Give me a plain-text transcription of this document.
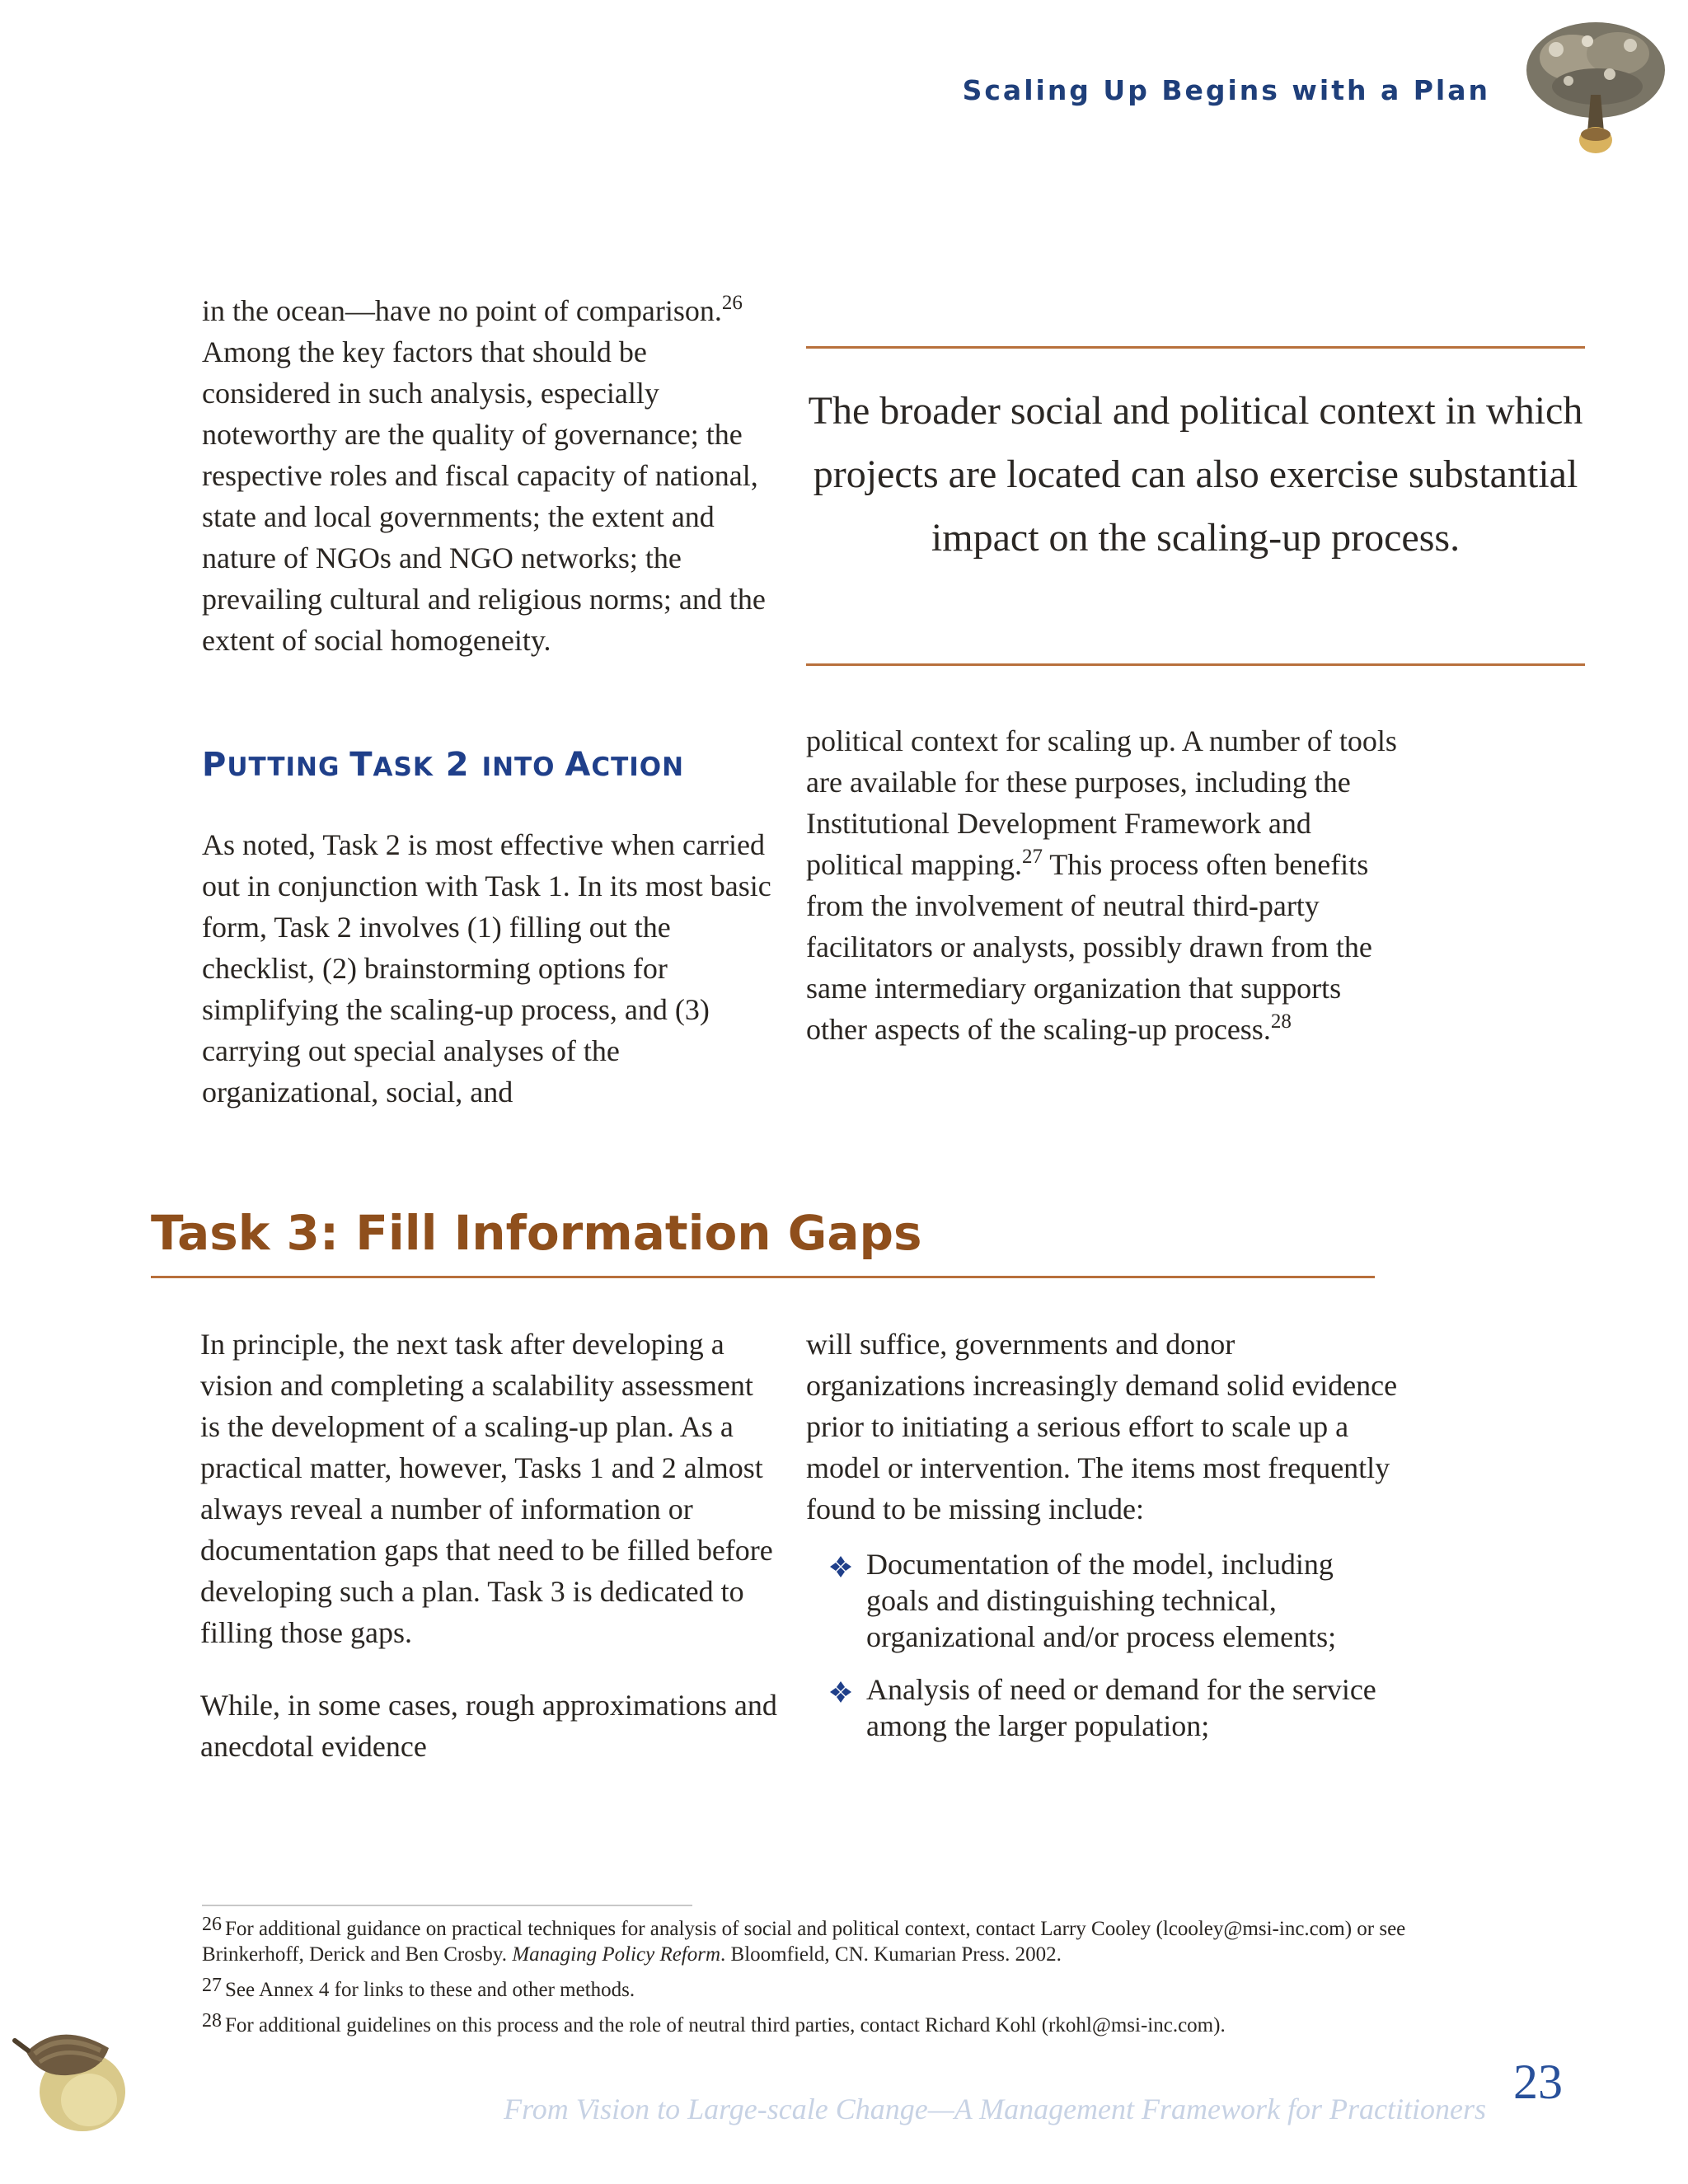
Scaling Up Begins with a Plan

in the ocean—have no point of comparison.$^{26}$ Among the key factors that should be considered in such analysis, especially noteworthy are the quality of governance; the respective roles and fiscal capacity of national, state and local governments; the extent and nature of NGOs and NGO networks; the prevailing cultural and religious norms; and the extent of social homogeneity.

PUTTING TASK 2 INTO ACTION

As noted, Task 2 is most effective when carried out in conjunction with Task 1. In its most basic form, Task 2 involves (1) filling out the checklist, (2) brainstorming options for simplifying the scaling-up process, and (3) carrying out special analyses of the organizational, social, and

The broader social and political context in which projects are located can also exercise substantial impact on the scaling-up process.

political context for scaling up. A number of tools are available for these purposes, including the Institutional Development Framework and political mapping.$^{27}$ This process often benefits from the involvement of neutral third-party facilitators or analysts, possibly drawn from the same intermediary organization that supports other aspects of the scaling-up process.$^{28}$

Task 3: Fill Information Gaps

In principle, the next task after developing a vision and completing a scalability assessment is the development of a scaling-up plan. As a practical matter, however, Tasks 1 and 2 almost always reveal a number of information or documentation gaps that need to be filled before developing such a plan. Task 3 is dedicated to filling those gaps.

While, in some cases, rough approximations and anecdotal evidence

will suffice, governments and donor organizations increasingly demand solid evidence prior to initiating a serious effort to scale up a model or intervention. The items most frequently found to be missing include:

Documentation of the model, including goals and distinguishing technical, organizational and/or process elements;
Analysis of need or demand for the service among the larger population;

$^{26}$ For additional guidance on practical techniques for analysis of social and political context, contact Larry Cooley (lcooley@msi-inc.com) or see Brinkerhoff, Derick and Ben Crosby. Managing Policy Reform. Bloomfield, CN. Kumarian Press. 2002.

$^{27}$ See Annex 4 for links to these and other methods.

$^{28}$ For additional guidelines on this process and the role of neutral third parties, contact Richard Kohl (rkohl@msi-inc.com).

From Vision to Large-scale Change—A Management Framework for Practitioners 23
